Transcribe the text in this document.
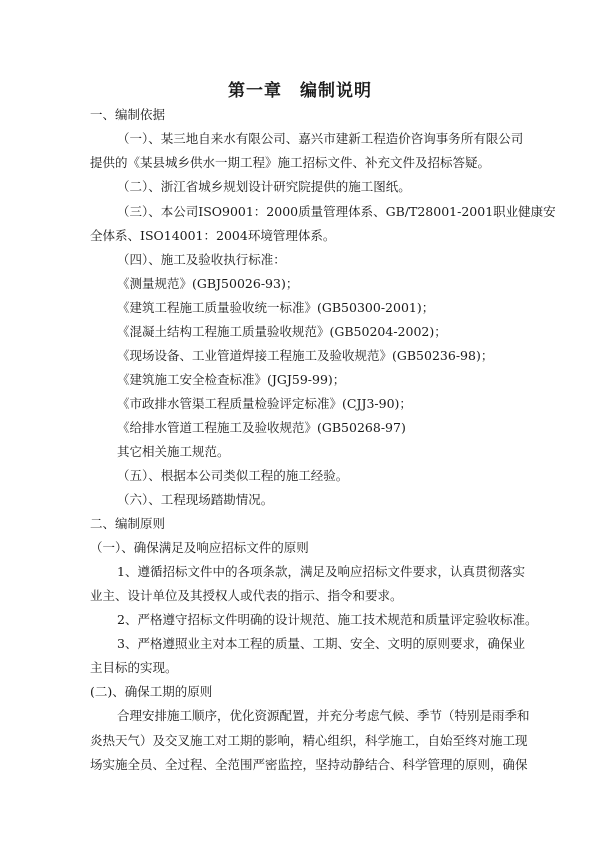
第一章　编制说明
一、编制依据
（一）、某三地自来水有限公司、嘉兴市建新工程造价咨询事务所有限公司
提供的《某县城乡供水一期工程》施工招标文件、补充文件及招标答疑。
（二）、浙江省城乡规划设计研究院提供的施工图纸。
（三）、本公司ISO9001：2000质量管理体系、GB/T28001-2001职业健康安
全体系、ISO14001：2004环境管理体系。
（四）、施工及验收执行标准：
《测量规范》(GBJ50026-93)；
《建筑工程施工质量验收统一标准》(GB50300-2001)；
《混凝土结构工程施工质量验收规范》(GB50204-2002)；
《现场设备、工业管道焊接工程施工及验收规范》(GB50236-98)；
《建筑施工安全检查标准》(JGJ59-99)；
《市政排水管渠工程质量检验评定标准》(CJJ3-90)；
《给排水管道工程施工及验收规范》(GB50268-97)
其它相关施工规范。
（五）、根据本公司类似工程的施工经验。
（六）、工程现场踏勘情况。
二、编制原则
（一）、确保满足及响应招标文件的原则
1、遵循招标文件中的各项条款，满足及响应招标文件要求，认真贯彻落实
业主、设计单位及其授权人或代表的指示、指令和要求。
2、严格遵守招标文件明确的设计规范、施工技术规范和质量评定验收标准。
3、严格遵照业主对本工程的质量、工期、安全、文明的原则要求，确保业
主目标的实现。
(二)、确保工期的原则
合理安排施工顺序，优化资源配置，并充分考虑气候、季节（特别是雨季和
炎热天气）及交叉施工对工期的影响，精心组织，科学施工，自始至终对施工现
场实施全员、全过程、全范围严密监控，坚持动静结合、科学管理的原则，确保
